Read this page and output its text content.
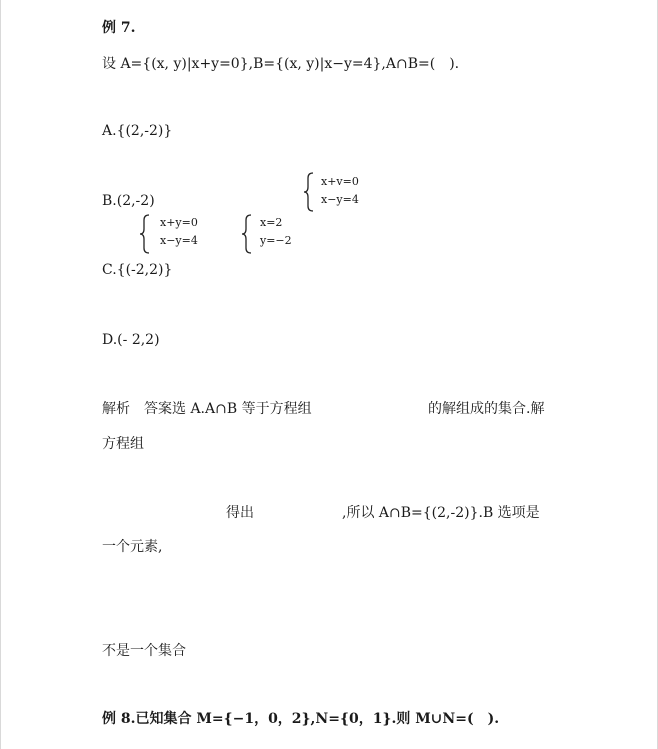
例 7.
设 A={(x, y)|x+y=0},B={(x, y)|x−y=4},A∩B=(　).
A.{(2,-2)}
B.(2,-2)
x+v=0
x−y=4
x+y=0
x−y=4
x=2
y=−2
C.{(-2,2)}
D.(- 2,2)
解析　答案选 A.A∩B 等于方程组	的解组成的集合.解
方程组
得出	,所以 A∩B={(2,-2)}.B 选项是
一个元素,
不是一个集合
例 8.已知集合 M={−1，0，2},N={0，1}.则 M∪N=(　).
